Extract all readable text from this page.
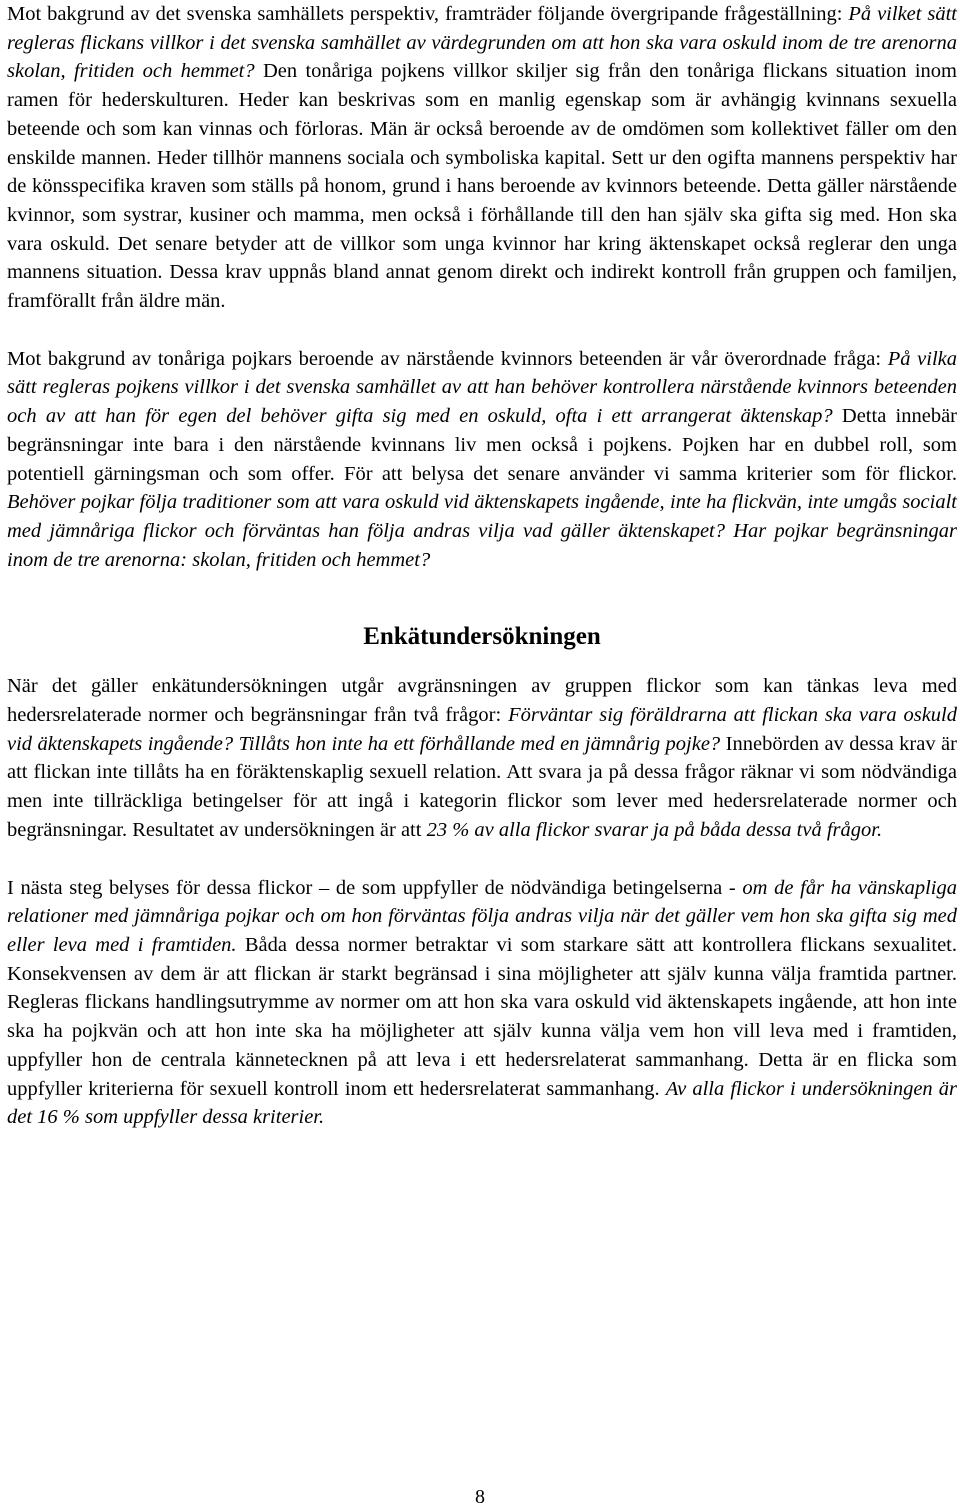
Mot bakgrund av det svenska samhällets perspektiv, framträder följande övergripande frågeställning: På vilket sätt regleras flickans villkor i det svenska samhället av värdegrunden om att hon ska vara oskuld inom de tre arenorna skolan, fritiden och hemmet? Den tonåriga pojkens villkor skiljer sig från den tonåriga flickans situation inom ramen för hederskulturen. Heder kan beskrivas som en manlig egenskap som är avhängig kvinnans sexuella beteende och som kan vinnas och förloras. Män är också beroende av de omdömen som kollektivet fäller om den enskilde mannen. Heder tillhör mannens sociala och symboliska kapital. Sett ur den ogifta mannens perspektiv har de könsspecifika kraven som ställs på honom, grund i hans beroende av kvinnors beteende. Detta gäller närstående kvinnor, som systrar, kusiner och mamma, men också i förhållande till den han själv ska gifta sig med. Hon ska vara oskuld. Det senare betyder att de villkor som unga kvinnor har kring äktenskapet också reglerar den unga mannens situation. Dessa krav uppnås bland annat genom direkt och indirekt kontroll från gruppen och familjen, framförallt från äldre män.

Mot bakgrund av tonåriga pojkars beroende av närstående kvinnors beteenden är vår överordnade fråga: På vilka sätt regleras pojkens villkor i det svenska samhället av att han behöver kontrollera närstående kvinnors beteenden och av att han för egen del behöver gifta sig med en oskuld, ofta i ett arrangerat äktenskap? Detta innebär begränsningar inte bara i den närstående kvinnans liv men också i pojkens. Pojken har en dubbel roll, som potentiell gärningsman och som offer. För att belysa det senare använder vi samma kriterier som för flickor. Behöver pojkar följa traditioner som att vara oskuld vid äktenskapets ingående, inte ha flickvän, inte umgås socialt med jämnåriga flickor och förväntas han följa andras vilja vad gäller äktenskapet? Har pojkar begränsningar inom de tre arenorna: skolan, fritiden och hemmet?

Enkätundersökningen

När det gäller enkätundersökningen utgår avgränsningen av gruppen flickor som kan tänkas leva med hedersrelaterade normer och begränsningar från två frågor: Förväntar sig föräldrarna att flickan ska vara oskuld vid äktenskapets ingående? Tillåts hon inte ha ett förhållande med en jämnårig pojke? Innebörden av dessa krav är att flickan inte tillåts ha en föräktenskaplig sexuell relation. Att svara ja på dessa frågor räknar vi som nödvändiga men inte tillräckliga betingelser för att ingå i kategorin flickor som lever med hedersrelaterade normer och begränsningar. Resultatet av undersökningen är att 23 % av alla flickor svarar ja på båda dessa två frågor.

I nästa steg belyses för dessa flickor – de som uppfyller de nödvändiga betingelserna - om de får ha vänskapliga relationer med jämnåriga pojkar och om hon förväntas följa andras vilja när det gäller vem hon ska gifta sig med eller leva med i framtiden. Båda dessa normer betraktar vi som starkare sätt att kontrollera flickans sexualitet. Konsekvensen av dem är att flickan är starkt begränsad i sina möjligheter att själv kunna välja framtida partner. Regleras flickans handlingsutrymme av normer om att hon ska vara oskuld vid äktenskapets ingående, att hon inte ska ha pojkvän och att hon inte ska ha möjligheter att själv kunna välja vem hon vill leva med i framtiden, uppfyller hon de centrala kännetecknen på att leva i ett hedersrelaterat sammanhang. Detta är en flicka som uppfyller kriterierna för sexuell kontroll inom ett hedersrelaterat sammanhang. Av alla flickor i undersökningen är det 16 % som uppfyller dessa kriterier.

8
